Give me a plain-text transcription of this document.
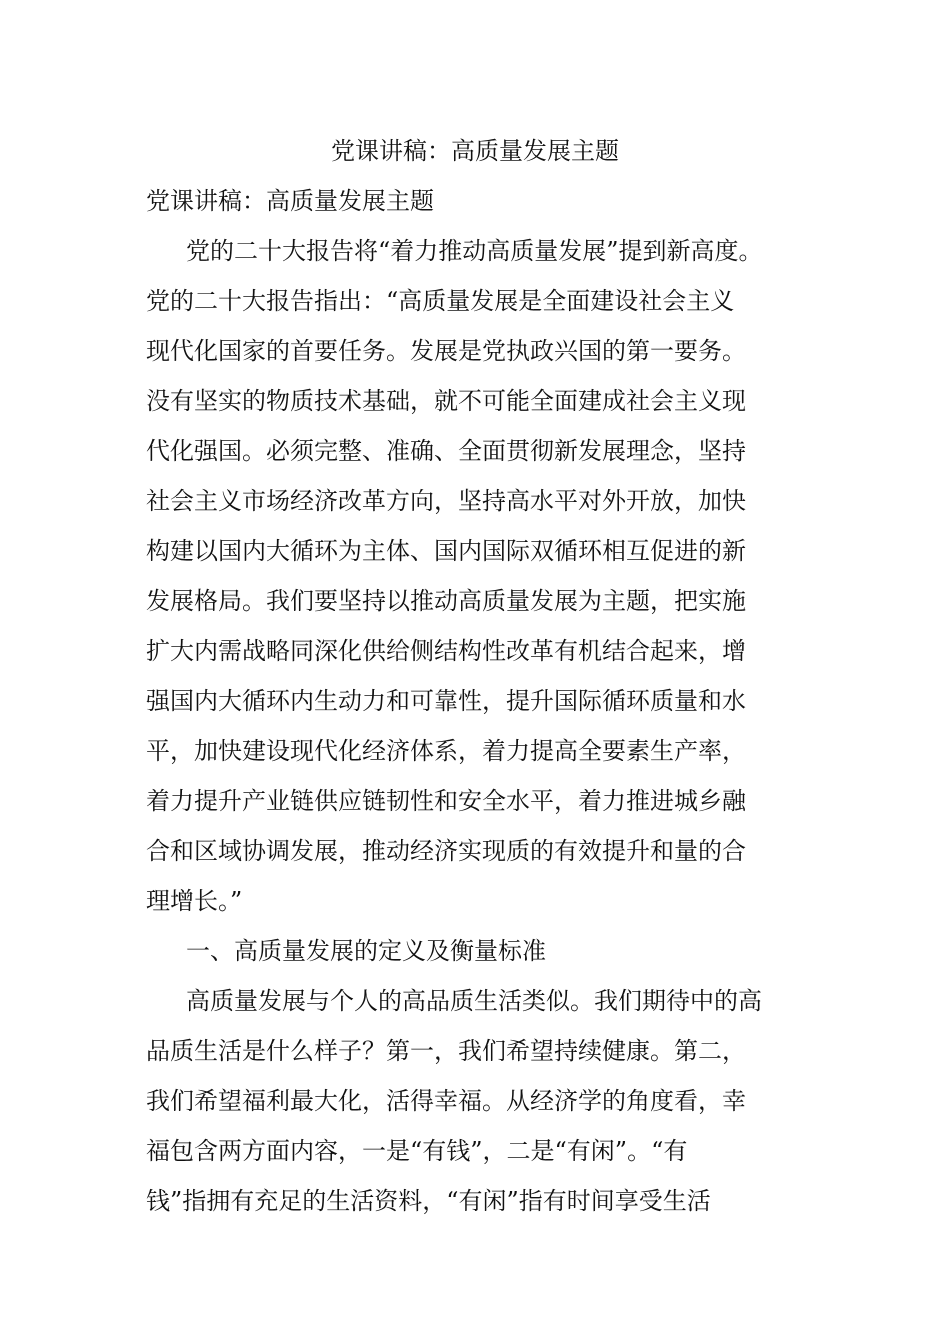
党课讲稿：高质量发展主题
党课讲稿：高质量发展主题
党的二十大报告将“着力推动高质量发展”提到新高度。
党的二十大报告指出：“高质量发展是全面建设社会主义
现代化国家的首要任务。发展是党执政兴国的第一要务。
没有坚实的物质技术基础，就不可能全面建成社会主义现
代化强国。必须完整、准确、全面贯彻新发展理念，坚持
社会主义市场经济改革方向，坚持高水平对外开放，加快
构建以国内大循环为主体、国内国际双循环相互促进的新
发展格局。我们要坚持以推动高质量发展为主题，把实施
扩大内需战略同深化供给侧结构性改革有机结合起来，增
强国内大循环内生动力和可靠性，提升国际循环质量和水
平，加快建设现代化经济体系，着力提高全要素生产率，
着力提升产业链供应链韧性和安全水平，着力推进城乡融
合和区域协调发展，推动经济实现质的有效提升和量的合
理增长。”
一、高质量发展的定义及衡量标准
高质量发展与个人的高品质生活类似。我们期待中的高
品质生活是什么样子？第一，我们希望持续健康。第二，
我们希望福利最大化，活得幸福。从经济学的角度看，幸
福包含两方面内容，一是“有钱”，二是“有闲”。“有
钱”指拥有充足的生活资料，“有闲”指有时间享受生活
